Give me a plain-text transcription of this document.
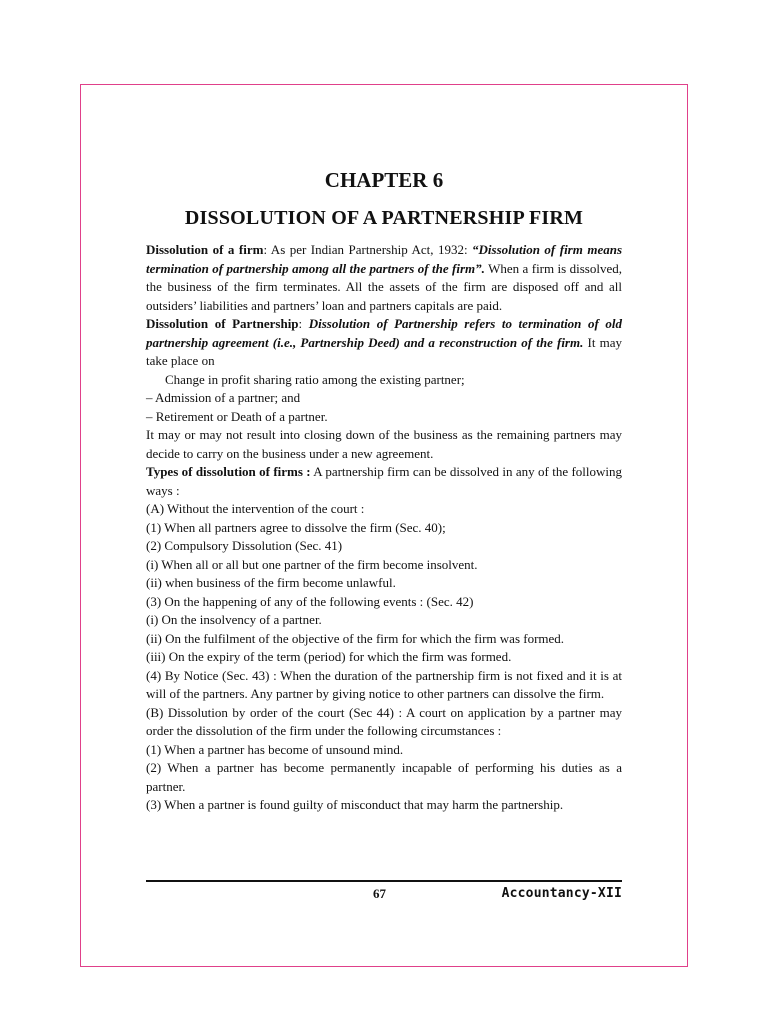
CHAPTER 6
DISSOLUTION OF A PARTNERSHIP FIRM

Dissolution of a firm: As per Indian Partnership Act, 1932: “Dissolution of firm means termination of partnership among all the partners of the firm”. When a firm is dissolved, the business of the firm terminates. All the assets of the firm are disposed off and all outsiders’ liabilities and partners’ loan and partners capitals are paid.

Dissolution of Partnership: Dissolution of Partnership refers to termination of old partnership agreement (i.e., Partnership Deed) and a reconstruction of the firm. It may take place on

Change in profit sharing ratio among the existing partner;

– Admission of a partner; and

– Retirement or Death of a partner.

It may or may not result into closing down of the business as the remaining partners may decide to carry on the business under a new agreement.

Types of dissolution of firms : A partnership firm can be dissolved in any of the following ways :

(A) Without the intervention of the court :

(1) When all partners agree to dissolve the firm (Sec. 40);

(2) Compulsory Dissolution (Sec. 41)

(i) When all or all but one partner of the firm become insolvent.

(ii) when business of the firm become unlawful.

(3) On the happening of any of the following events : (Sec. 42)

(i) On the insolvency of a partner.

(ii) On the fulfilment of the objective of the firm for which the firm was formed.

(iii) On the expiry of the term (period) for which the firm was formed.

(4) By Notice (Sec. 43) : When the duration of the partnership firm is not fixed and it is at will of the partners. Any partner by giving notice to other partners can dissolve the firm.

(B) Dissolution by order of the court (Sec 44) : A court on application by a partner may order the dissolution of the firm under the following circumstances :

(1) When a partner has become of unsound mind.

(2) When a partner has become permanently incapable of performing his duties as a partner.

(3) When a partner is found guilty of misconduct that may harm the partnership.

67	Accountancy-XII
